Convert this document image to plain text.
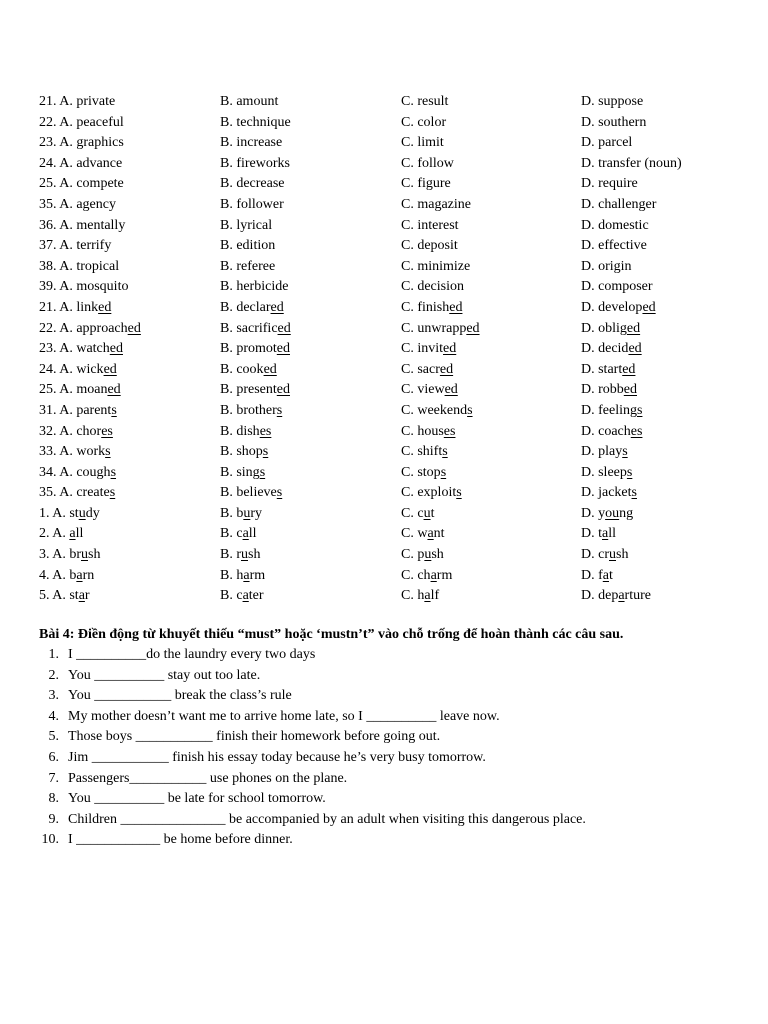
21. A. private	B. amount	C. result	D. suppose
22. A. peaceful	B. technique	C. color	D. southern
23. A. graphics	B. increase	C. limit	D. parcel
24. A. advance	B. fireworks	C. follow	D. transfer (noun)
25. A. compete	B. decrease	C. figure	D. require
35. A. agency	B. follower	C. magazine	D. challenger
36. A. mentally	B. lyrical	C. interest	D. domestic
37. A. terrify	B. edition	C. deposit	D. effective
38. A. tropical	B. referee	C. minimize	D. origin
39. A. mosquito	B. herbicide	C. decision	D. composer
21. A. linked	B. declared	C. finished	D. developed
22. A. approached	B. sacrificed	C. unwrapped	D. obliged
23. A. watched	B. promoted	C. invited	D. decided
24. A. wicked	B. cooked	C. sacred	D. started
25. A. moaned	B. presented	C. viewed	D. robbed
31. A. parents	B. brothers	C. weekends	D. feelings
32. A. chores	B. dishes	C. houses	D. coaches
33. A. works	B. shops	C. shifts	D. plays
34. A. coughs	B. sings	C. stops	D. sleeps
35. A. creates	B. believes	C. exploits	D. jackets
1. A. study	B. bury	C. cut	D. young
2. A. all	B. call	C. want	D. tall
3. A. brush	B. rush	C. push	D. crush
4. A. barn	B. harm	C. charm	D. fat
5. A. star	B. cater	C. half	D. departure
Bài 4: Điền động từ khuyết thiếu “must” hoặc ‘mustn’t” vào chỗ trống để hoàn thành các câu sau.
1. I __________do the laundry every two days
2. You __________ stay out too late.
3. You ___________ break the class’s rule
4. My mother doesn’t want me to arrive home late, so I __________ leave now.
5. Those boys ___________ finish their homework before going out.
6. Jim ___________ finish his essay today because he’s very busy tomorrow.
7. Passengers___________ use phones on the plane.
8. You __________ be late for school tomorrow.
9. Children _______________ be accompanied by an adult when visiting this dangerous place.
10. I ____________ be home before dinner.
